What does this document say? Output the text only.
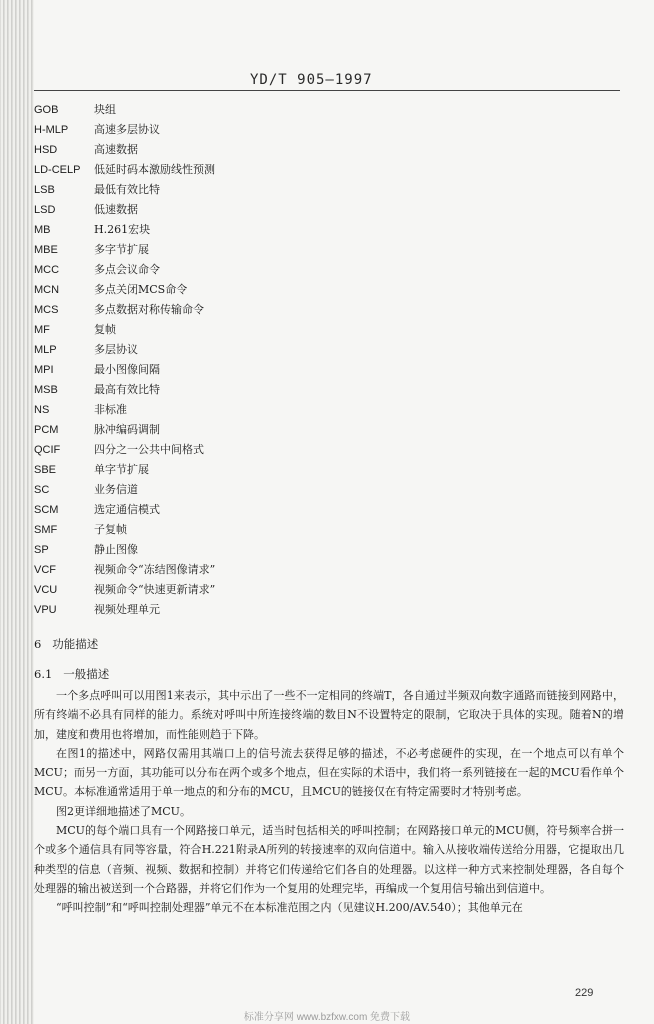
YD/T 905—1997
GOB	块组
H-MLP 高速多层协议
HSD	高速数据
LD-CELP 低延时码本激励线性预测
LSB	最低有效比特
LSD	低速数据
MB	H.261宏块
MBE	多字节扩展
MCC	多点会议命令
MCN	多点关闭MCS命令
MCS	多点数据对称传输命令
MF	复帧
MLP	多层协议
MPI	最小图像间隔
MSB	最高有效比特
NS	非标准
PCM	脉冲编码调制
QCIF	四分之一公共中间格式
SBE	单字节扩展
SC	业务信道
SCM	选定通信模式
SMF	子复帧
SP	静止图像
VCF	视频命令“冻结图像请求”
VCU	视频命令“快速更新请求”
VPU	视频处理单元
6 功能描述
6.1 一般描述

一个多点呼叫可以用图1来表示，其中示出了一些不一定相同的终端T，各自通过半频双向数字通路而链接到网路中，所有终端不必具有同样的能力。系统对呼叫中所连接终端的数目N不设置特定的限制，它取决于具体的实现。随着N的增加，建度和费用也将增加，而性能则趋于下降。

在图1的描述中，网路仅需用其端口上的信号流去获得足够的描述，不必考虑硬件的实现，在一个地点可以有单个MCU；而另一方面，其功能可以分布在两个或多个地点，但在实际的术语中，我们将一系列链接在一起的MCU看作单个MCU。本标准通常适用于单一地点的和分布的MCU，且MCU的链接仅在有特定需要时才特别考虑。

图2更详细地描述了MCU。

MCU的每个端口具有一个网路接口单元，适当时包括相关的呼叫控制；在网路接口单元的MCU侧，符号频率合拼一个或多个通信具有同等容量，符合H.221附录A所列的转接速率的双向信道中。输入从接收端传送给分用器，它提取出几种类型的信息（音频、视频、数据和控制）并将它们传递给它们各自的处理器。以这样一种方式来控制处理器，各自每个处理器的输出被送到一个合路器，并将它们作为一个复用的处理完毕，再编成一个复用信号输出到信道中。

“呼叫控制”和“呼叫控制处理器”单元不在本标准范围之内（见建议H.200/AV.540）；其他单元在

229
标准分享网 www.bzfxw.com 免费下载
